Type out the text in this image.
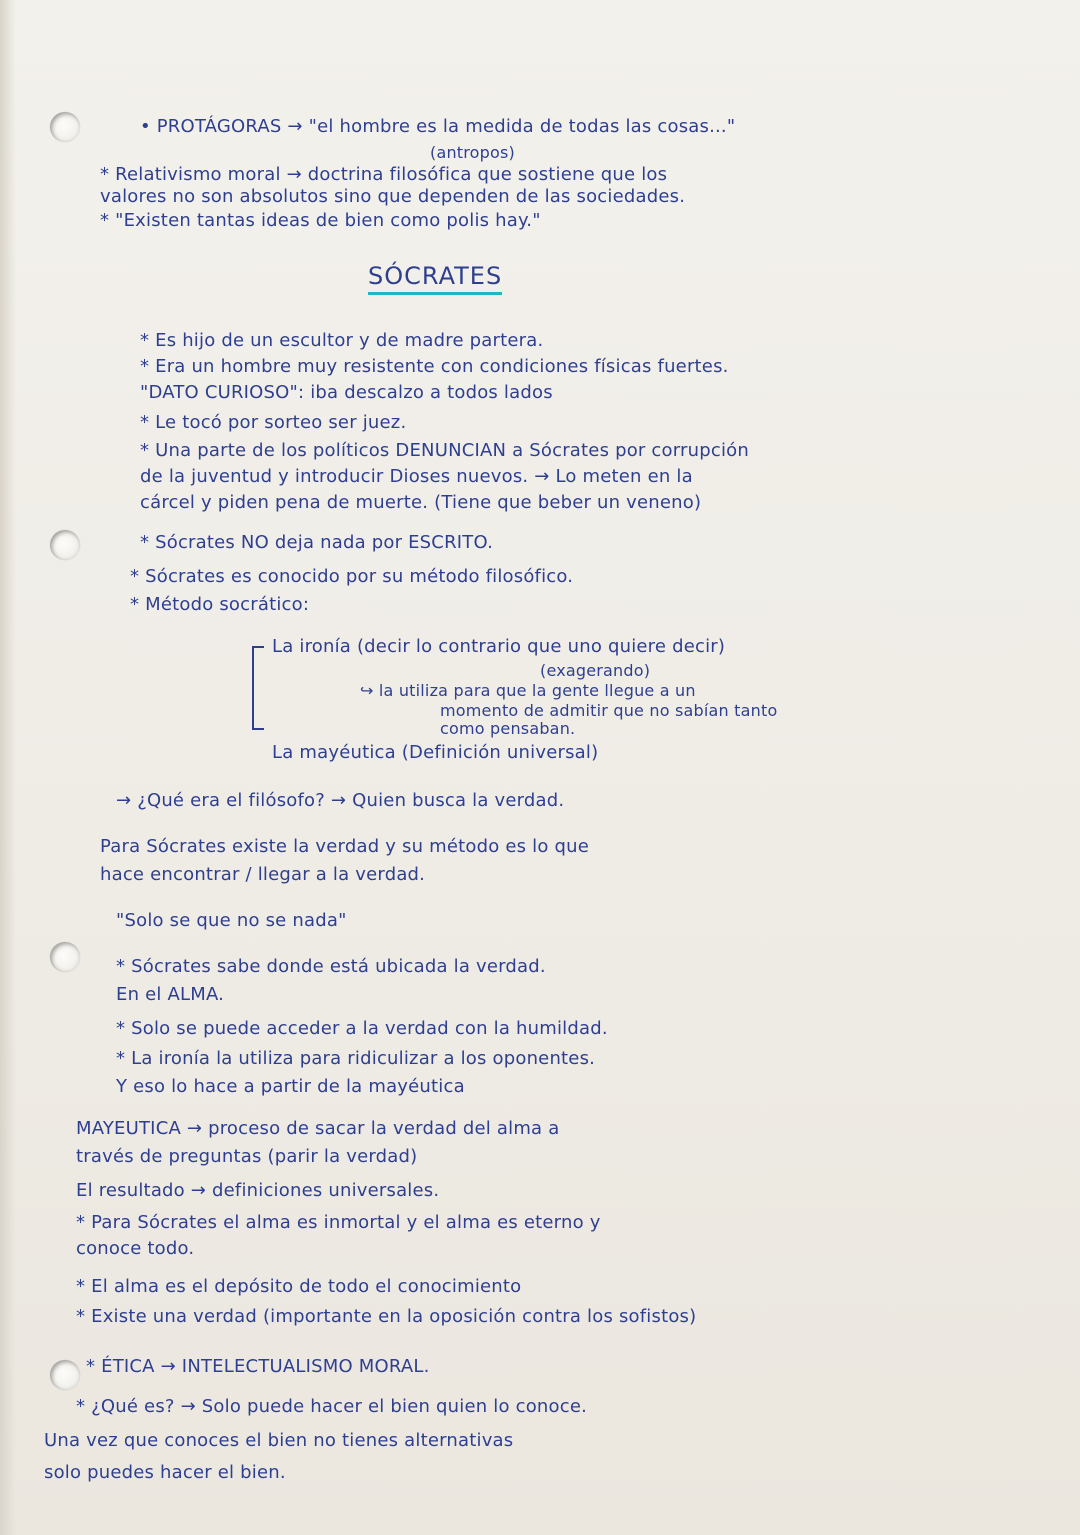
• PROTÁGORAS → "el hombre es la medida de todas las cosas..."
(antropos)
* Relativismo moral → doctrina filosófica que sostiene que los
valores no son absolutos sino que dependen de las sociedades.
* "Existen tantas ideas de bien como polis hay."
SÓCRATES
* Es hijo de un escultor y de madre partera.
* Era un hombre muy resistente con condiciones físicas fuertes.
"DATO CURIOSO": iba descalzo a todos lados
* Le tocó por sorteo ser juez.
* Una parte de los políticos DENUNCIAN a Sócrates por corrupción
de la juventud y introducir Dioses nuevos. → Lo meten en la
cárcel y piden pena de muerte. (Tiene que beber un veneno)
* Sócrates NO deja nada por ESCRITO.
* Sócrates es conocido por su método filosófico.
* Método socrático:
La ironía (decir lo contrario que uno quiere decir)
(exagerando)
↪ la utiliza para que la gente llegue a un
momento de admitir que no sabían tanto
como pensaban.
La mayéutica (Definición universal)
→ ¿Qué era el filósofo? → Quien busca la verdad.
Para Sócrates existe la verdad y su método es lo que
hace encontrar / llegar a la verdad.
"Solo se que no se nada"
* Sócrates sabe donde está ubicada la verdad.
En el ALMA.
* Solo se puede acceder a la verdad con la humildad.
* La ironía la utiliza para ridiculizar a los oponentes.
Y eso lo hace a partir de la mayéutica
MAYEUTICA → proceso de sacar la verdad del alma a
través de preguntas (parir la verdad)
El resultado → definiciones universales.
* Para Sócrates el alma es inmortal y el alma es eterno y
conoce todo.
* El alma es el depósito de todo el conocimiento
* Existe una verdad (importante en la oposición contra los sofistos)
* ÉTICA → INTELECTUALISMO MORAL.
* ¿Qué es? → Solo puede hacer el bien quien lo conoce.
Una vez que conoces el bien no tienes alternativas
solo puedes hacer el bien.
